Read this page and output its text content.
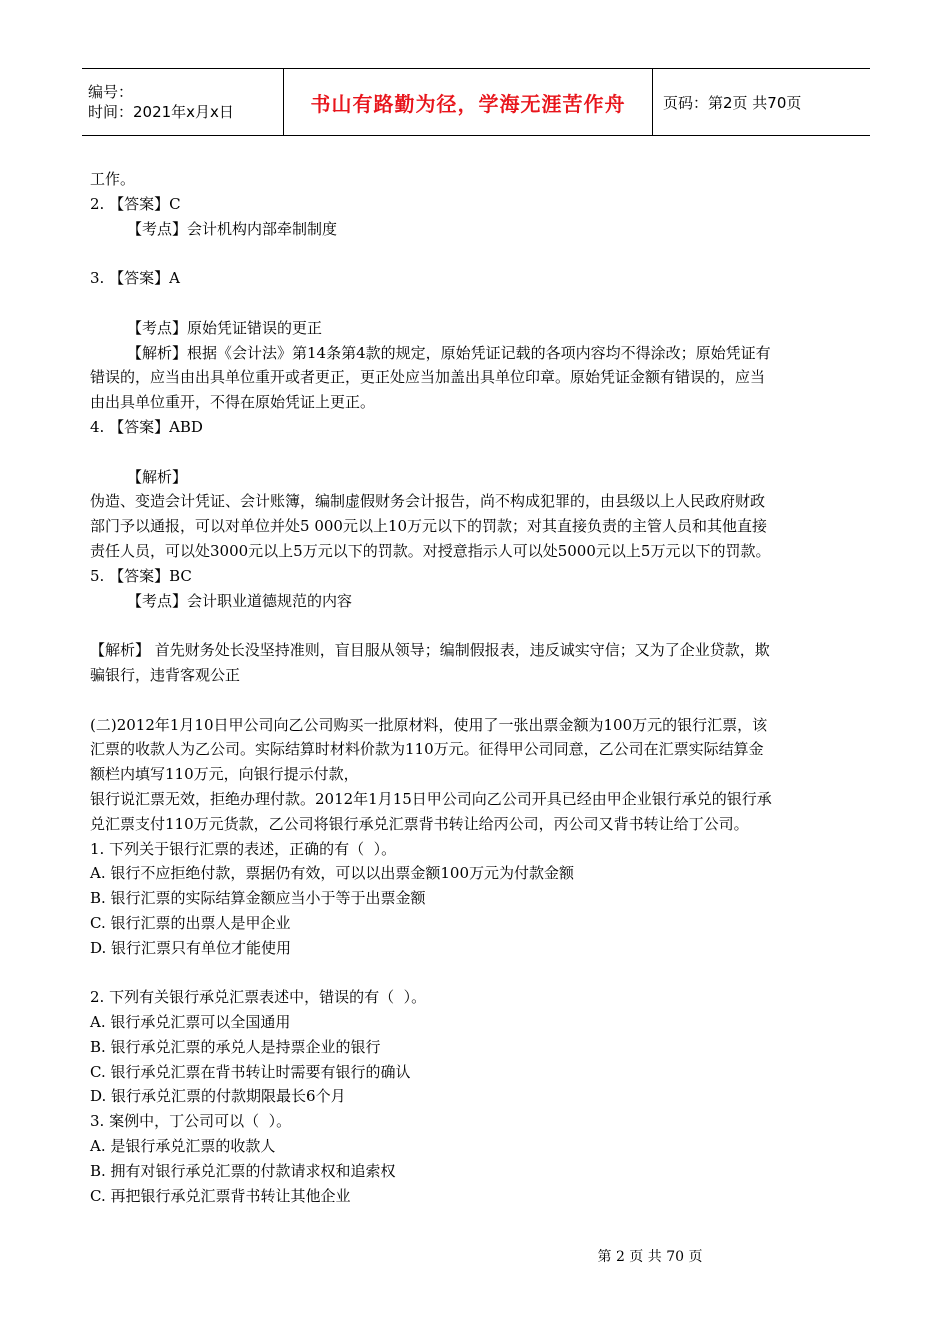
编号：
时间：2021年x月x日	书山有路勤为径，学海无涯苦作舟	页码：第2页 共70页

工作。

2. 【答案】C

【考点】会计机构内部牵制制度

3. 【答案】A

【考点】原始凭证错误的更正

【解析】根据《会计法》第14条第4款的规定，原始凭证记载的各项内容均不得涂改；原始凭证有

错误的，应当由出具单位重开或者更正，更正处应当加盖出具单位印章。原始凭证金额有错误的，应当

由出具单位重开，不得在原始凭证上更正。

4. 【答案】ABD

【解析】

伪造、变造会计凭证、会计账簿，编制虚假财务会计报告，尚不构成犯罪的，由县级以上人民政府财政

部门予以通报，可以对单位并处5 000元以上10万元以下的罚款；对其直接负责的主管人员和其他直接

责任人员，可以处3000元以上5万元以下的罚款。对授意指示人可以处5000元以上5万元以下的罚款。

5. 【答案】BC

【考点】会计职业道德规范的内容

【解析】 首先财务处长没坚持准则，盲目服从领导；编制假报表，违反诚实守信；又为了企业贷款，欺

骗银行，违背客观公正

(二)2012年1月10日甲公司向乙公司购买一批原材料，使用了一张出票金额为100万元的银行汇票，该

汇票的收款人为乙公司。实际结算时材料价款为110万元。征得甲公司同意，乙公司在汇票实际结算金

额栏内填写110万元，向银行提示付款，

银行说汇票无效，拒绝办理付款。2012年1月15日甲公司向乙公司开具已经由甲企业银行承兑的银行承

兑汇票支付110万元货款，乙公司将银行承兑汇票背书转让给丙公司，丙公司又背书转让给丁公司。

1. 下列关于银行汇票的表述，正确的有（  ）。

A. 银行不应拒绝付款，票据仍有效，可以以出票金额100万元为付款金额

B. 银行汇票的实际结算金额应当小于等于出票金额

C. 银行汇票的出票人是甲企业

D. 银行汇票只有单位才能使用

2. 下列有关银行承兑汇票表述中，错误的有（  ）。

A. 银行承兑汇票可以全国通用

B. 银行承兑汇票的承兑人是持票企业的银行

C. 银行承兑汇票在背书转让时需要有银行的确认

D. 银行承兑汇票的付款期限最长6个月

3. 案例中，丁公司可以（  ）。

A. 是银行承兑汇票的收款人

B. 拥有对银行承兑汇票的付款请求权和追索权

C. 再把银行承兑汇票背书转让其他企业

第 2 页 共 70 页
